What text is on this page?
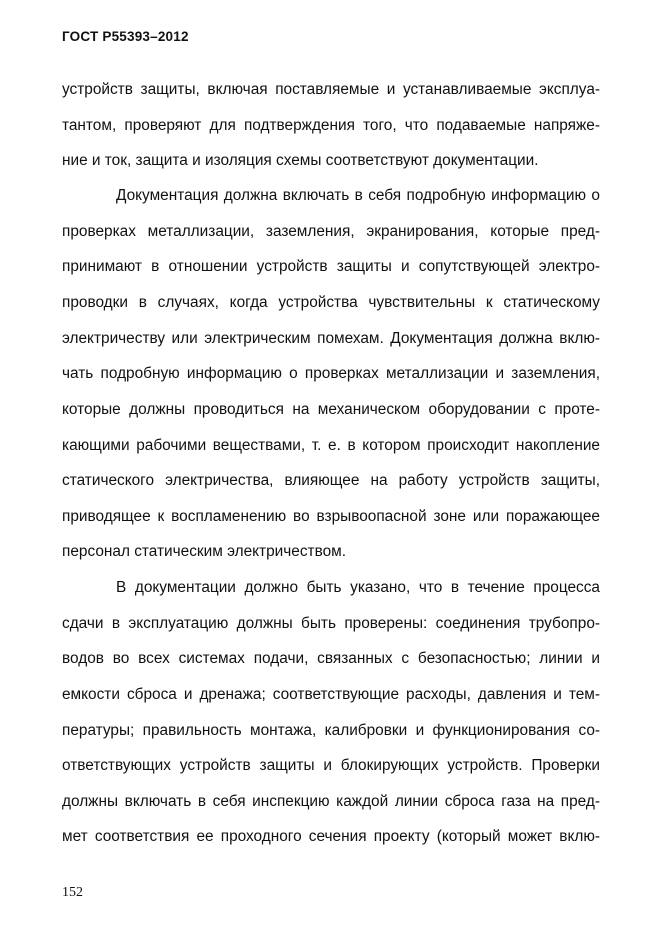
ГОСТ Р55393–2012
устройств защиты, включая поставляемые и устанавливаемые эксплуа-
тантом, проверяют для подтверждения того, что подаваемые напряже-
ние и ток, защита и изоляция схемы соответствуют документации.
Документация должна включать в себя подробную информацию о
проверках металлизации, заземления, экранирования, которые пред-
принимают в отношении устройств защиты и сопутствующей электро-
проводки в случаях, когда устройства чувствительны к статическому
электричеству или электрическим помехам. Документация должна вклю-
чать подробную информацию о проверках металлизации и заземления,
которые должны проводиться на механическом оборудовании с проте-
кающими рабочими веществами, т. е. в котором происходит накопление
статического электричества, влияющее на работу устройств защиты,
приводящее к воспламенению во взрывоопасной зоне или поражающее
персонал статическим электричеством.
В документации должно быть указано, что в течение процесса
сдачи в эксплуатацию должны быть проверены: соединения трубопро-
водов во всех системах подачи, связанных с безопасностью; линии и
емкости сброса и дренажа; соответствующие расходы, давления и тем-
пературы; правильность монтажа, калибровки и функционирования со-
ответствующих устройств защиты и блокирующих устройств. Проверки
должны включать в себя инспекцию каждой линии сброса газа на пред-
мет соответствия ее проходного сечения проекту (который может вклю-
152
